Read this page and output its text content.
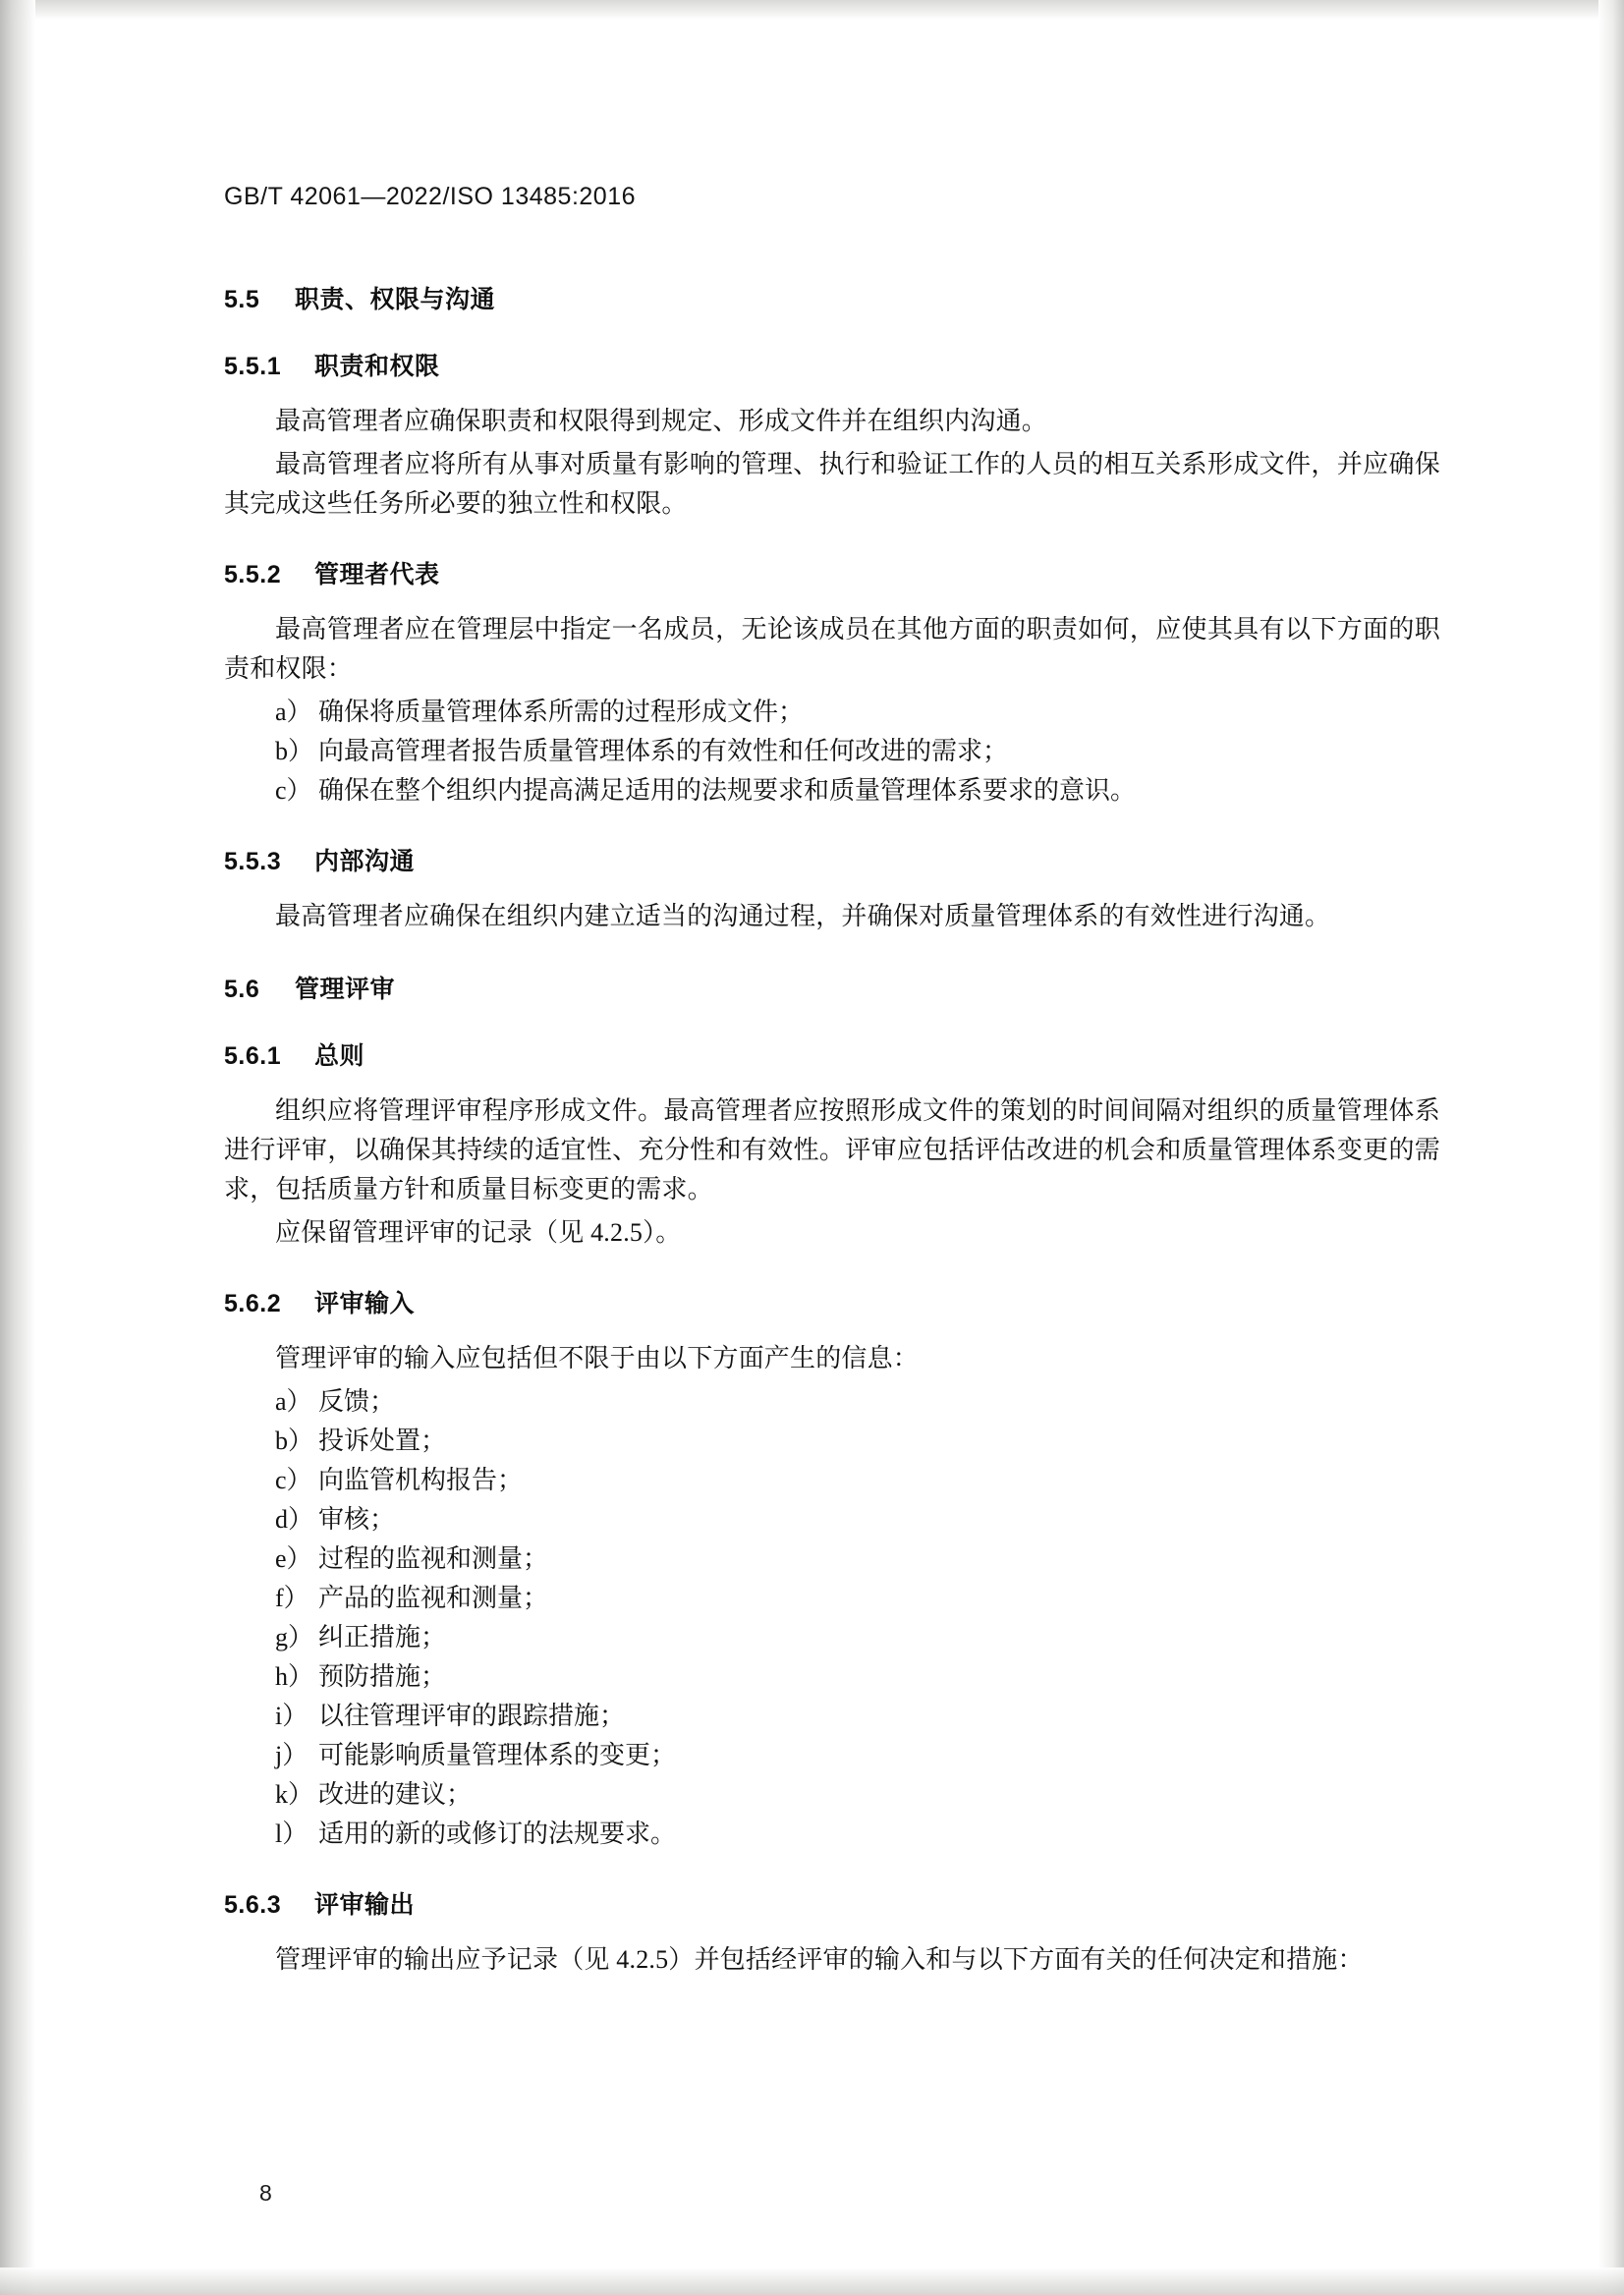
GB/T 42061—2022/ISO 13485:2016
5.5 职责、权限与沟通
5.5.1 职责和权限

最高管理者应确保职责和权限得到规定、形成文件并在组织内沟通。

最高管理者应将所有从事对质量有影响的管理、执行和验证工作的人员的相互关系形成文件，并应确保其完成这些任务所必要的独立性和权限。

5.5.2 管理者代表

最高管理者应在管理层中指定一名成员，无论该成员在其他方面的职责如何，应使其具有以下方面的职责和权限：

a） 确保将质量管理体系所需的过程形成文件；
b） 向最高管理者报告质量管理体系的有效性和任何改进的需求；
c） 确保在整个组织内提高满足适用的法规要求和质量管理体系要求的意识。
5.5.3 内部沟通

最高管理者应确保在组织内建立适当的沟通过程，并确保对质量管理体系的有效性进行沟通。

5.6 管理评审
5.6.1 总则

组织应将管理评审程序形成文件。最高管理者应按照形成文件的策划的时间间隔对组织的质量管理体系进行评审，以确保其持续的适宜性、充分性和有效性。评审应包括评估改进的机会和质量管理体系变更的需求，包括质量方针和质量目标变更的需求。

应保留管理评审的记录（见 4.2.5）。

5.6.2 评审输入

管理评审的输入应包括但不限于由以下方面产生的信息：

a） 反馈；
b） 投诉处置；
c） 向监管机构报告；
d） 审核；
e） 过程的监视和测量；
f） 产品的监视和测量；
g） 纠正措施；
h） 预防措施；
i） 以往管理评审的跟踪措施；
j） 可能影响质量管理体系的变更；
k） 改进的建议；
l） 适用的新的或修订的法规要求。
5.6.3 评审输出

管理评审的输出应予记录（见 4.2.5）并包括经评审的输入和与以下方面有关的任何决定和措施：

8
